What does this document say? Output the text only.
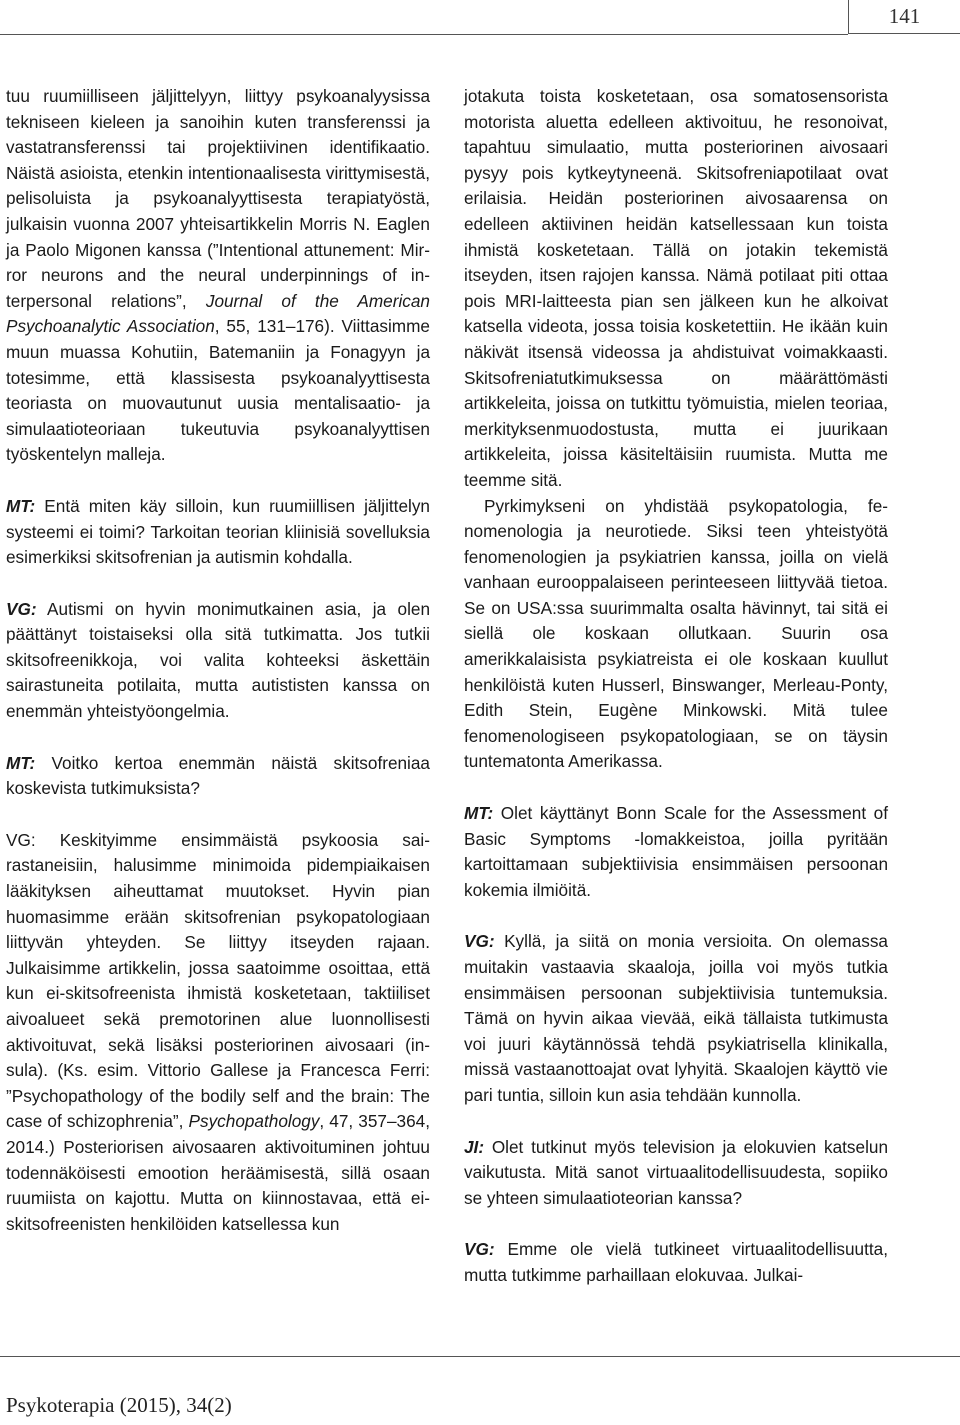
141

tuu ruumiilliseen jäljittelyyn, liittyy psykoanalyysissa tekniseen kieleen ja sanoihin kuten transferenssi ja vastatransferenssi tai projektiivinen identifikaatio. Näistä asioista, etenkin intentionaalisesta virittymisestä, pelisoluista ja psykoanalyyttisesta terapiatyöstä, julkaisin vuonna 2007 yhteisartikkelin Morris N. Eaglen ja Paolo Migonen kanssa (”Intentional attunement: Mirror neurons and the neural underpinnings of interpersonal relations”, Journal of the American Psychoanalytic Association, 55, 131–176). Viittasimme muun muassa Kohutiin, Batemaniin ja Fonagyyn ja totesimme, että klassisesta psykoanalyyttisesta teoriasta on muovautunut uusia mentalisaatio- ja simulaatioteoriaan tukeutuvia psykoanalyyttisen työskentelyn malleja.

MT: Entä miten käy silloin, kun ruumiillisen jäljittelyn systeemi ei toimi? Tarkoitan teorian kliinisiä sovelluksia esimerkiksi skitsofrenian ja autismin kohdalla.

VG: Autismi on hyvin monimutkainen asia, ja olen päättänyt toistaiseksi olla sitä tutkimatta. Jos tutkii skitsofreenikkoja, voi valita kohteeksi äskettäin sairastuneita potilaita, mutta autististen kanssa on enemmän yhteistyöongelmia.

MT: Voitko kertoa enemmän näistä skitsofreniaa koskevista tutkimuksista?

VG: Keskityimme ensimmäistä psykoosia sairastaneisiin, halusimme minimoida pidempiaikaisen lääkityksen aiheuttamat muutokset. Hyvin pian huomasimme erään skitsofrenian psykopatologiaan liittyvän yhteyden. Se liittyy itseyden rajaan. Julkaisimme artikkelin, jossa saatoimme osoittaa, että kun ei-skitsofreenista ihmistä kosketetaan, taktiiliset aivoalueet sekä premotorinen alue luonnollisesti aktivoituvat, sekä lisäksi posteriorinen aivosaari (insula). (Ks. esim. Vittorio Gallese ja Francesca Ferri: ”Psychopathology of the bodily self and the brain: The case of schizophrenia”, Psychopathology, 47, 357–364, 2014.) Posteriorisen aivosaaren aktivoituminen johtuu todennäköisesti emootion heräämisestä, sillä osaan ruumiista on kajottu. Mutta on kiinnostavaa, että ei-skitsofreenisten henkilöiden katsellessa kun

jotakuta toista kosketetaan, osa somatosensorista motorista aluetta edelleen aktivoituu, he resonoivat, tapahtuu simulaatio, mutta posteriorinen aivosaari pysyy pois kytkeytyneenä. Skitsofreniapotilaat ovat erilaisia. Heidän posteriorinen aivosaarensa on edelleen aktiivinen heidän katsellessaan kun toista ihmistä kosketetaan. Tällä on jotakin tekemistä itseyden, itsen rajojen kanssa. Nämä potilaat piti ottaa pois MRI-laitteesta pian sen jälkeen kun he alkoivat katsella videota, jossa toisia kosketettiin. He ikään kuin näkivät itsensä videossa ja ahdistuivat voimakkaasti. Skitsofreniatutkimuksessa on määrättömästi artikkeleita, joissa on tutkittu työmuistia, mielen teoriaa, merkityksenmuodostusta, mutta ei juurikaan artikkeleita, joissa käsiteltäisiin ruumista. Mutta me teemme sitä.

Pyrkimykseni on yhdistää psykopatologia, fenomenologia ja neurotiede. Siksi teen yhteistyötä fenomenologien ja psykiatrien kanssa, joilla on vielä vanhaan eurooppalaiseen perinteeseen liittyvää tietoa. Se on USA:ssa suurimmalta osalta hävinnyt, tai sitä ei siellä ole koskaan ollutkaan. Suurin osa amerikkalaisista psykiatreista ei ole koskaan kuullut henkilöistä kuten Husserl, Binswanger, Merleau-Ponty, Edith Stein, Eugène Minkowski. Mitä tulee fenomenologiseen psykopatologiaan, se on täysin tuntematonta Amerikassa.

MT: Olet käyttänyt Bonn Scale for the Assessment of Basic Symptoms -lomakkeistoa, joilla pyritään kartoittamaan subjektiivisia ensimmäisen persoonan kokemia ilmiöitä.

VG: Kyllä, ja siitä on monia versioita. On olemassa muitakin vastaavia skaaloja, joilla voi myös tutkia ensimmäisen persoonan subjektiivisia tuntemuksia. Tämä on hyvin aikaa vievää, eikä tällaista tutkimusta voi juuri käytännössä tehdä psykiatrisella klinikalla, missä vastaanottoajat ovat lyhyitä. Skaalojen käyttö vie pari tuntia, silloin kun asia tehdään kunnolla.

JI: Olet tutkinut myös television ja elokuvien katselun vaikutusta. Mitä sanot virtuaalitodellisuudesta, sopiiko se yhteen simulaatioteorian kanssa?

VG: Emme ole vielä tutkineet virtuaalitodellisuutta, mutta tutkimme parhaillaan elokuvaa. Julkai-

Psykoterapia (2015), 34(2)
